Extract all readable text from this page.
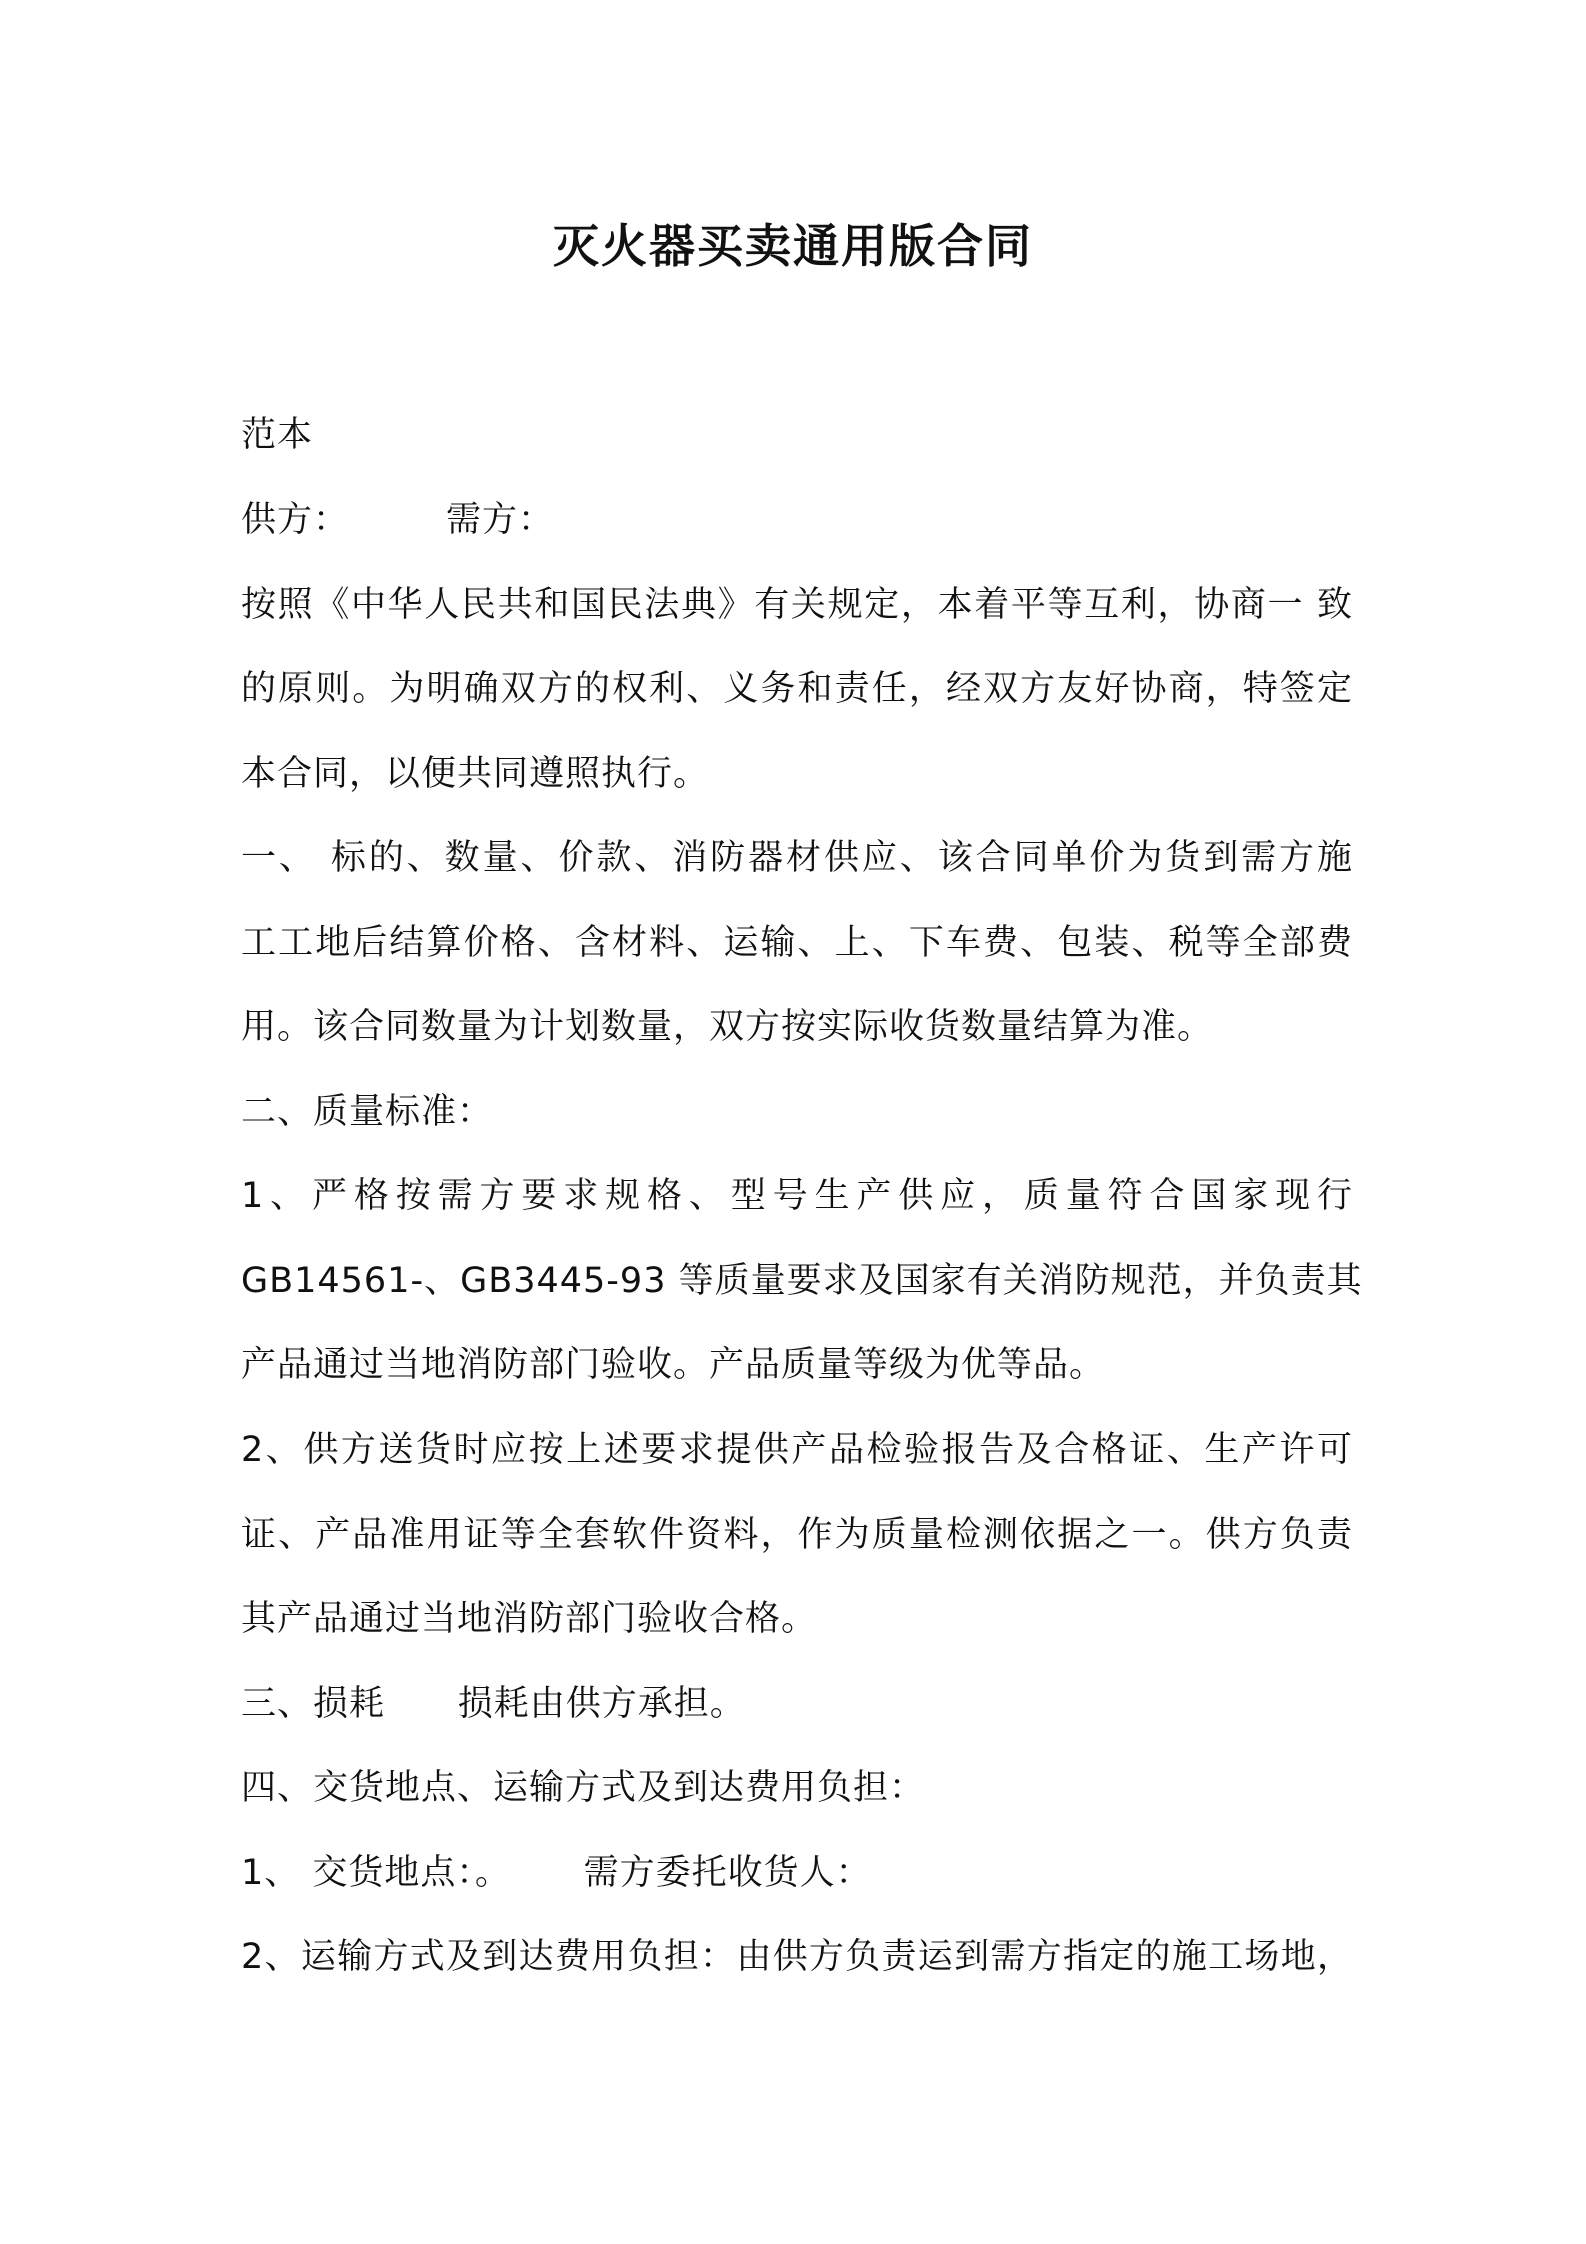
灭火器买卖通用版合同
范本
供方：        需方：
按照《中华人民共和国民法典》有关规定，本着平等互利，协商一 致
的原则。为明确双方的权利、义务和责任，经双方友好协商，特签定
本合同，以便共同遵照执行。
一、 标的、数量、价款、消防器材供应、该合同单价为货到需方施
工工地后结算价格、含材料、运输、上、下车费、包装、税等全部费
用。该合同数量为计划数量，双方按实际收货数量结算为准。
二、质量标准：
1、严格按需方要求规格、型号生产供应，质量符合国家现行
GB14561-、GB3445-93 等质量要求及国家有关消防规范，并负责其
产品通过当地消防部门验收。产品质量等级为优等品。
2、供方送货时应按上述要求提供产品检验报告及合格证、生产许可
证、产品准用证等全套软件资料，作为质量检测依据之一。供方负责
其产品通过当地消防部门验收合格。
三、损耗      损耗由供方承担。
四、交货地点、运输方式及到达费用负担：
1、 交货地点：。      需方委托收货人：
2、运输方式及到达费用负担：由供方负责运到需方指定的施工场地，
